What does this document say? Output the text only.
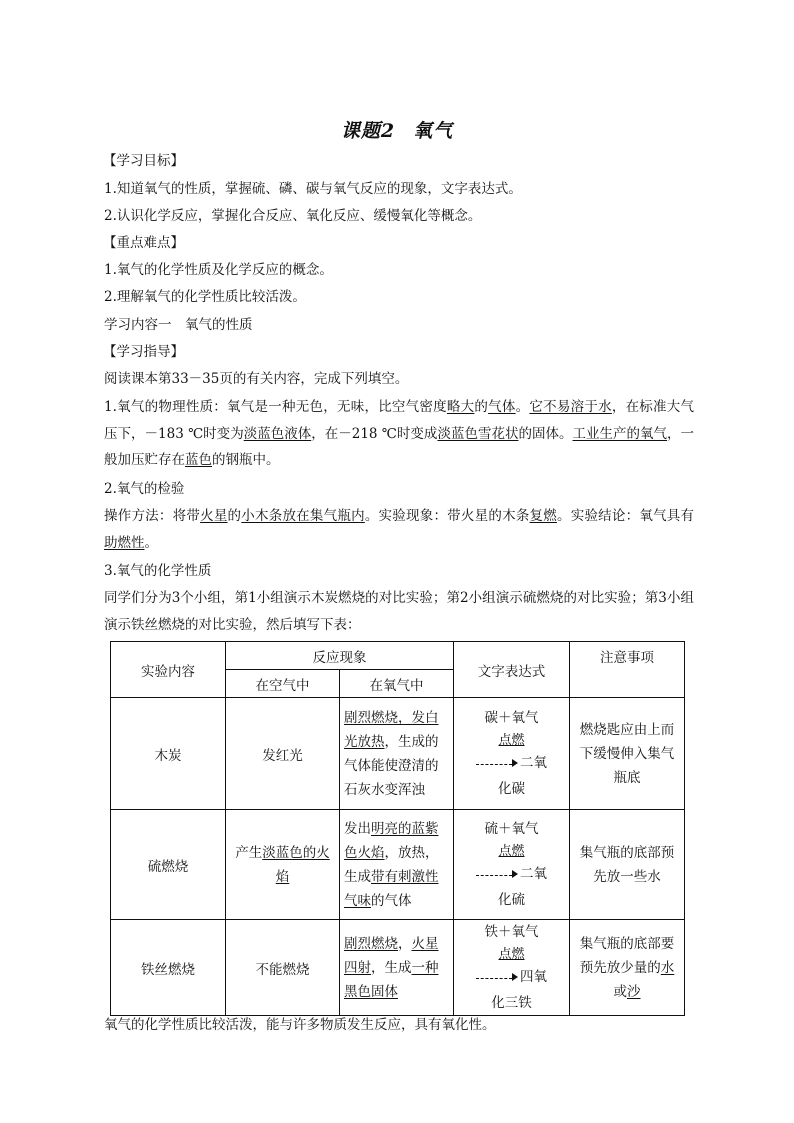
课题2 氧气
【学习目标】
1.知道氧气的性质，掌握硫、磷、碳与氧气反应的现象，文字表达式。
2.认识化学反应，掌握化合反应、氧化反应、缓慢氧化等概念。
【重点难点】
1.氧气的化学性质及化学反应的概念。
2.理解氧气的化学性质比较活泼。
学习内容一　氧气的性质
【学习指导】
阅读课本第33－35页的有关内容，完成下列填空。
1.氧气的物理性质：氧气是一种无色，无味，比空气密度略大的气体。它不易溶于水，在标准大气压下，－183 ℃时变为淡蓝色液体，在－218 ℃时变成淡蓝色雪花状的固体。工业生产的氧气，一般加压贮存在蓝色的钢瓶中。
2.氧气的检验
操作方法：将带火星的小木条放在集气瓶内。实验现象：带火星的木条复燃。实验结论：氧气具有助燃性。
3.氧气的化学性质
同学们分为3个小组，第1小组演示木炭燃烧的对比实验；第2小组演示硫燃烧的对比实验；第3小组演示铁丝燃烧的对比实验，然后填写下表：
实验内容	反应现象		文字表达式	注意事项
	在空气中	在氧气中		
木炭	发红光	剧烈燃烧，发白光放热，生成的气体能使澄清的石灰水变浑浊	碳＋氧气
点燃
二氧
化碳	燃烧匙应由上而下缓慢伸入集气瓶底
硫燃烧	产生淡蓝色的火焰	发出明亮的蓝紫色火焰，放热，生成带有刺激性气味的气体	硫＋氧气
点燃
二氧
化硫	集气瓶的底部预先放一些水
铁丝燃烧	不能燃烧	剧烈燃烧，火星四射，生成一种黑色固体	铁＋氧气
点燃
四氧
化三铁	集气瓶的底部要预先放少量的水或沙
氧气的化学性质比较活泼，能与许多物质发生反应，具有氧化性。
